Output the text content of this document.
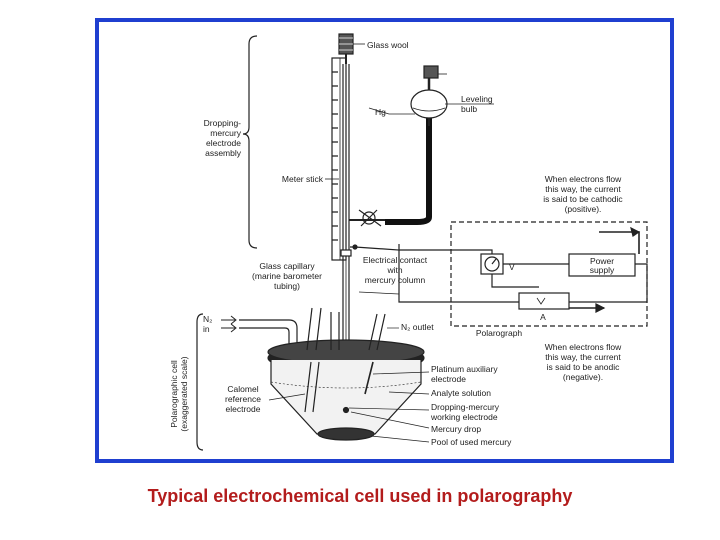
Glass wool
Leveling
bulb
Hg
Dropping-
mercury
electrode
assembly
Meter stick	When electrons flow
this way, the current
is said to be cathodic
(positive).
Glass capillary
(marine barometer
tubing)
Electrical contact
with
mercury column
V
Power
supply
A
N₂
in	N₂ outlet
Polarograph
When electrons flow
this way, the current
is said to be anodic
(negative).
Polarographic cell (exaggerated scale)	Calomel
reference
electrode
Platinum auxiliary
electrode
Analyte solution
Dropping-mercury
working electrode
Mercury drop
Pool of used mercury
Typical electrochemical cell used in polarography
